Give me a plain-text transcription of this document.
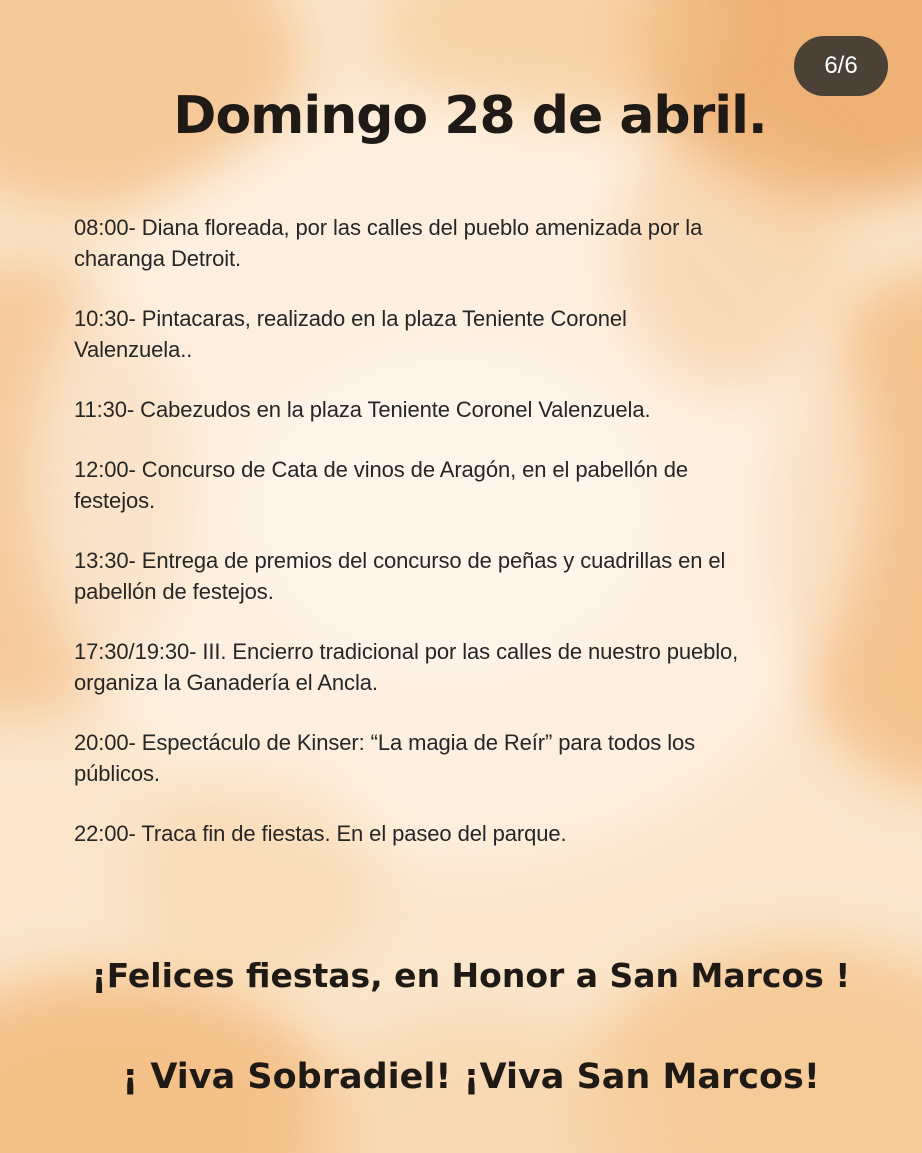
6/6
Domingo 28 de abril.
08:00- Diana floreada, por las calles del pueblo amenizada por la
charanga Detroit.
10:30- Pintacaras, realizado en la plaza Teniente Coronel
Valenzuela..
11:30- Cabezudos en la plaza Teniente Coronel Valenzuela.
12:00- Concurso de Cata de vinos de Aragón, en el pabellón de
festejos.
13:30- Entrega de premios del concurso de peñas y cuadrillas en el
pabellón de festejos.
17:30/19:30- III. Encierro tradicional por las calles de nuestro pueblo,
organiza la Ganadería el Ancla.
20:00- Espectáculo de Kinser: “La magia de Reír” para todos los
públicos.
22:00- Traca fin de fiestas. En el paseo del parque.

¡Felices fiestas, en Honor a San Marcos !

¡ Viva Sobradiel! ¡Viva San Marcos!
